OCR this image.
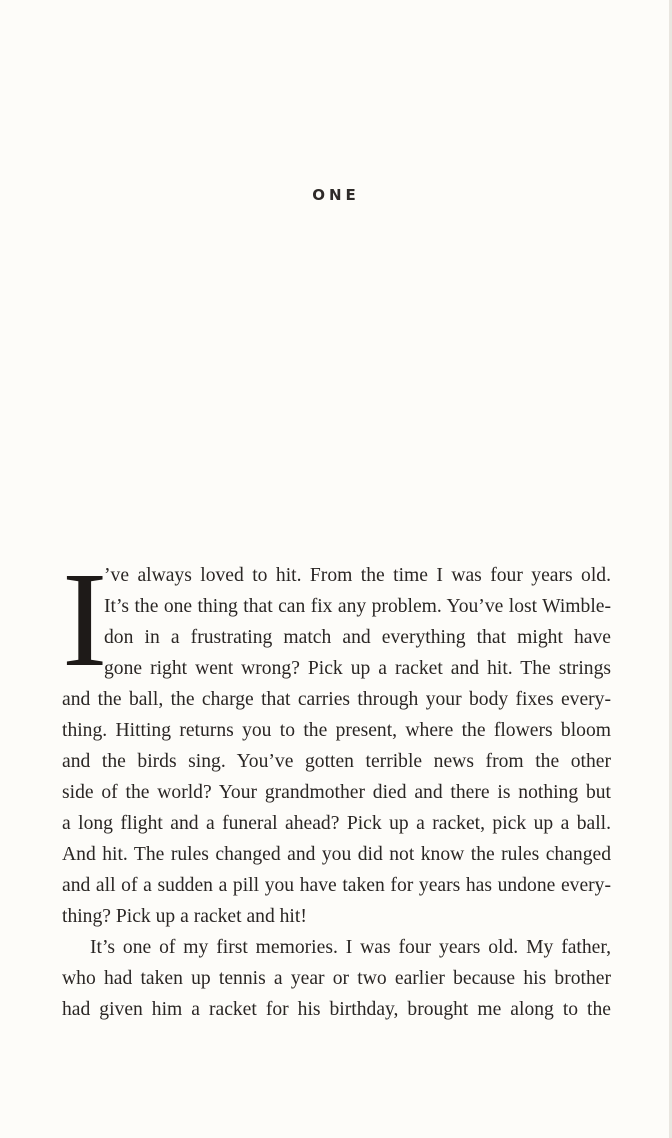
ONE
I
’ve always loved to hit. From the time I was four years old.
It’s the one thing that can fix any problem. You’ve lost Wimble-
don in a frustrating match and everything that might have
gone right went wrong? Pick up a racket and hit. The strings
and the ball, the charge that carries through your body fixes every-
thing. Hitting returns you to the present, where the flowers bloom
and the birds sing. You’ve gotten terrible news from the other
side of the world? Your grandmother died and there is nothing but
a long flight and a funeral ahead? Pick up a racket, pick up a ball.
And hit. The rules changed and you did not know the rules changed
and all of a sudden a pill you have taken for years has undone every-
thing? Pick up a racket and hit!
It’s one of my first memories. I was four years old. My father,
who had taken up tennis a year or two earlier because his brother
had given him a racket for his birthday, brought me along to the
